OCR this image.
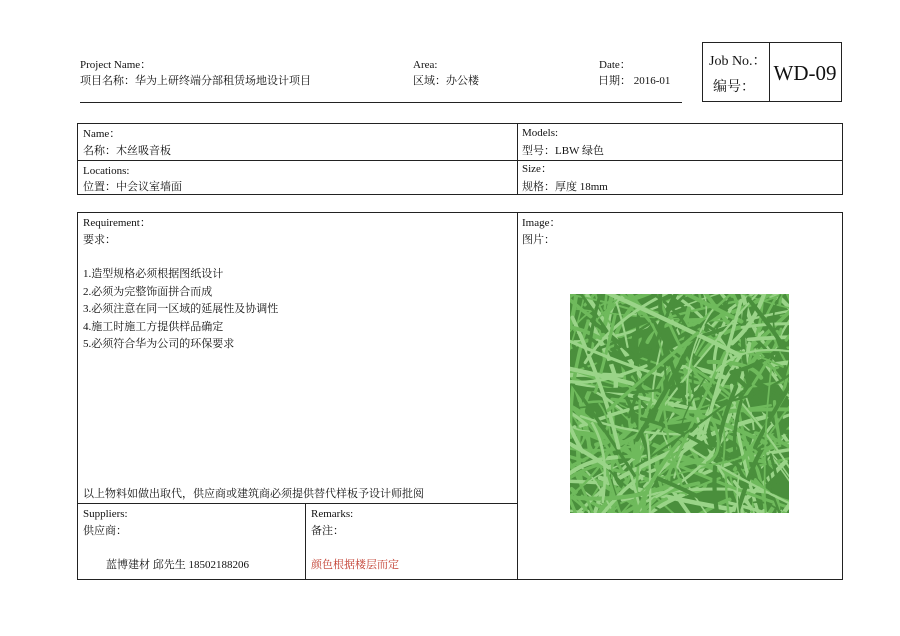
Project Name：
项目名称：华为上研终端分部租赁场地设计项目
Area:
区域：办公楼
Date：
日期： 2016-01
Job No.：
编号：
WD-09
Name：
名称：木丝吸音板
Models:
型号：LBW 绿色
Locations:
位置：中会议室墙面
Size：
规格：厚度 18mm
Requirement：
要求：
1.造型规格必须根据图纸设计
2.必须为完整饰面拼合而成
3.必须注意在同一区域的延展性及协调性
4.施工时施工方提供样品确定
5.必须符合华为公司的环保要求
以上物料如做出取代，供应商或建筑商必须提供替代样板予设计师批阅
Image：
图片：
Suppliers:
供应商：
蓝博建材 邱先生 18502188206
Remarks:
备注：
颜色根据楼层而定
